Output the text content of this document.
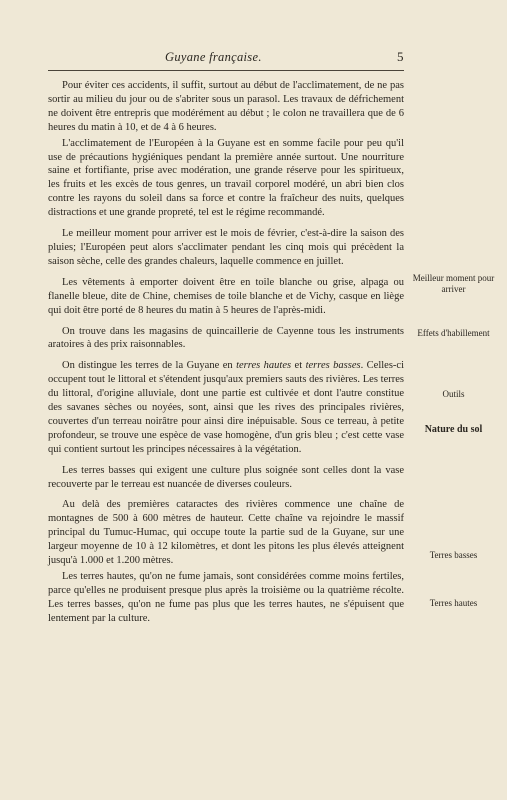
Guyane française.	5

Pour éviter ces accidents, il suffit, surtout au début de l'acclimatement, de ne pas sortir au milieu du jour ou de s'abriter sous un parasol. Les travaux de défrichement ne doivent être entrepris que modérément au début ; le colon ne travaillera que de 6 heures du matin à 10, et de 4 à 6 heures.

L'acclimatement de l'Européen à la Guyane est en somme facile pour peu qu'il use de précautions hygiéniques pendant la première année surtout. Une nourriture saine et fortifiante, prise avec modération, une grande réserve pour les spiritueux, les fruits et les excès de tous genres, un travail corporel modéré, un abri bien clos contre les rayons du soleil dans sa force et contre la fraîcheur des nuits, quelques distractions et une grande propreté, tel est le régime recommandé.

Le meilleur moment pour arriver est le mois de février, c'est-à-dire la saison des pluies; l'Européen peut alors s'acclimater pendant les cinq mois qui précèdent la saison sèche, celle des grandes chaleurs, laquelle commence en juillet.

Les vêtements à emporter doivent être en toile blanche ou grise, alpaga ou flanelle bleue, dite de Chine, chemises de toile blanche et de Vichy, casque en liège qui doit être porté de 8 heures du matin à 5 heures de l'après-midi.

On trouve dans les magasins de quincaillerie de Cayenne tous les instruments aratoires à des prix raisonnables.

On distingue les terres de la Guyane en terres hautes et terres basses. Celles-ci occupent tout le littoral et s'étendent jusqu'aux premiers sauts des rivières. Les terres du littoral, d'origine alluviale, dont une partie est cultivée et dont l'autre constitue des savanes sèches ou noyées, sont, ainsi que les rives des principales rivières, couvertes d'un terreau noirâtre pour ainsi dire inépuisable. Sous ce terreau, à petite profondeur, se trouve une espèce de vase homogène, d'un gris bleu ; c'est cette vase qui contient surtout les principes nécessaires à la végétation.

Les terres basses qui exigent une culture plus soignée sont celles dont la vase recouverte par le terreau est nuancée de diverses couleurs.

Au delà des premières cataractes des rivières commence une chaîne de montagnes de 500 à 600 mètres de hauteur. Cette chaîne va rejoindre le massif principal du Tumuc-Humac, qui occupe toute la partie sud de la Guyane, sur une largeur moyenne de 10 à 12 kilomètres, et dont les pitons les plus élevés atteignent jusqu'à 1.000 et 1.200 mètres.

Les terres hautes, qu'on ne fume jamais, sont considérées comme moins fertiles, parce qu'elles ne produisent presque plus après la troisième ou la quatrième récolte. Les terres basses, qu'on ne fume pas plus que les terres hautes, ne s'épuisent que lentement par la culture.

Meilleur moment pour arriver
Effets d'habillement
Outils
Nature du sol
Terres basses
Terres hautes
